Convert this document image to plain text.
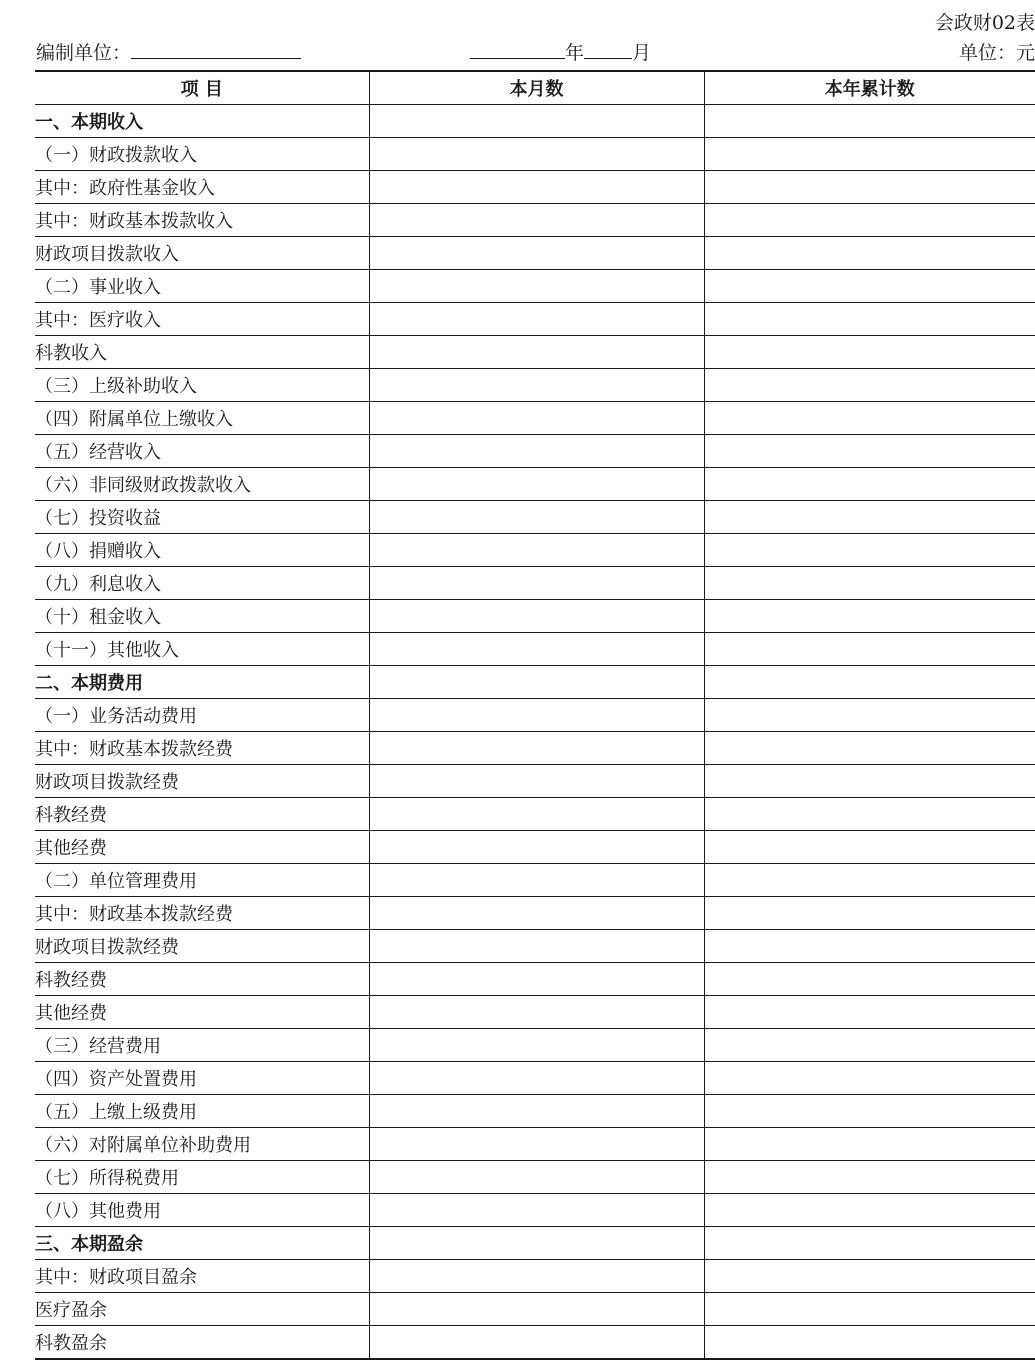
会政财02表
编制单位：	年	月	单位：元
项 目	本月数	本年累计数
一、本期收入		
（一）财政拨款收入		
其中：政府性基金收入		
其中：财政基本拨款收入		
财政项目拨款收入		
（二）事业收入		
其中：医疗收入		
科教收入		
（三）上级补助收入		
（四）附属单位上缴收入		
（五）经营收入		
（六）非同级财政拨款收入		
（七）投资收益		
（八）捐赠收入		
（九）利息收入		
（十）租金收入		
（十一）其他收入		
二、本期费用		
（一）业务活动费用		
其中：财政基本拨款经费		
财政项目拨款经费		
科教经费		
其他经费		
（二）单位管理费用		
其中：财政基本拨款经费		
财政项目拨款经费		
科教经费		
其他经费		
（三）经营费用		
（四）资产处置费用		
（五）上缴上级费用		
（六）对附属单位补助费用		
（七）所得税费用		
（八）其他费用		
三、本期盈余		
其中：财政项目盈余		
医疗盈余		
科教盈余		
